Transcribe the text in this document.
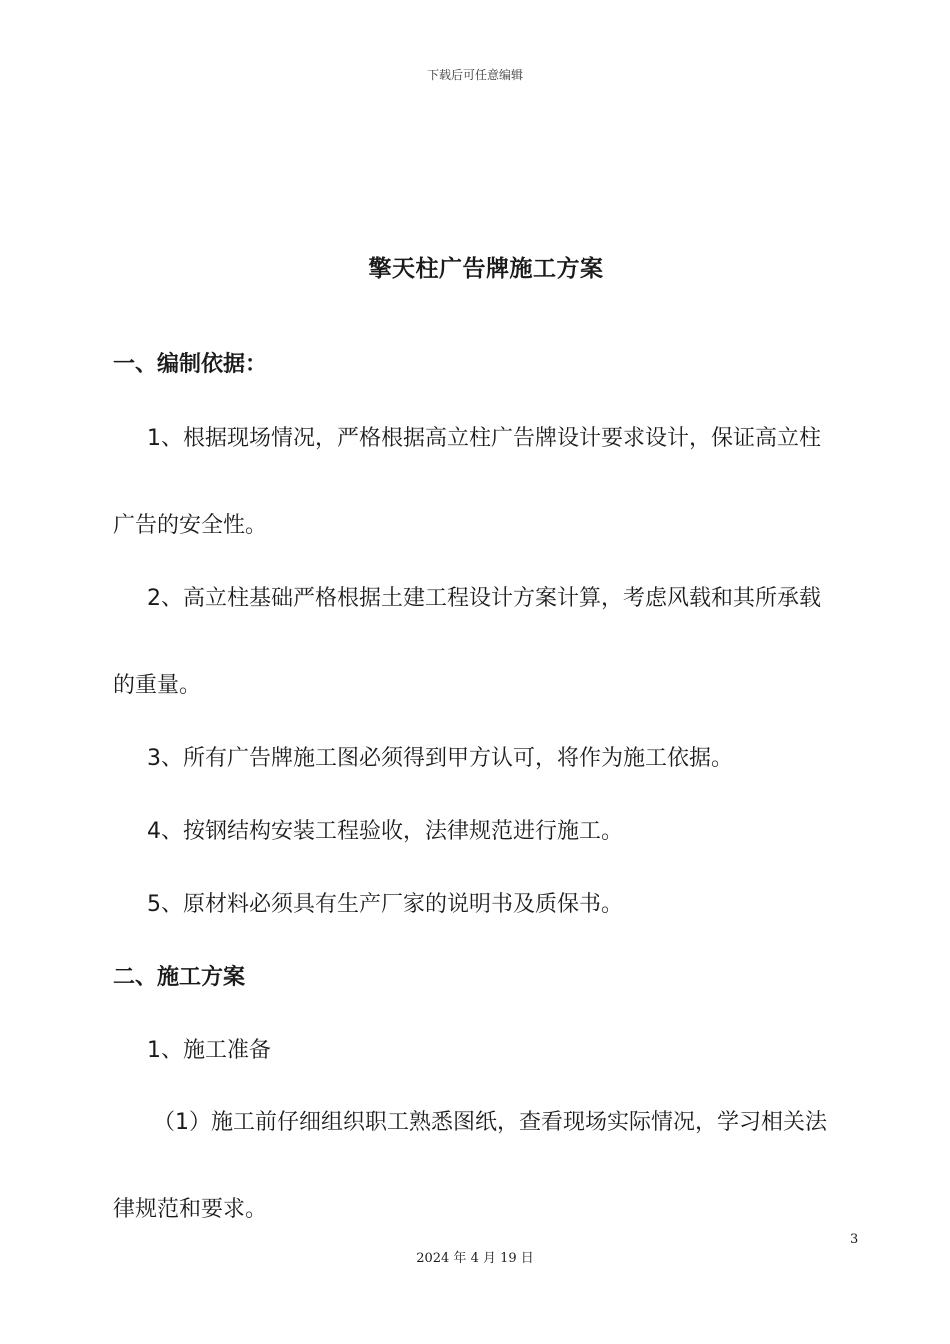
下载后可任意编辑
擎天柱广告牌施工方案
一、编制依据：
1、根据现场情况，严格根据高立柱广告牌设计要求设计，保证高立柱
广告的安全性。
2、高立柱基础严格根据土建工程设计方案计算，考虑风载和其所承载
的重量。
3、所有广告牌施工图必须得到甲方认可，将作为施工依据。
4、按钢结构安装工程验收，法律规范进行施工。
5、原材料必须具有生产厂家的说明书及质保书。
二、施工方案
1、施工准备
（1）施工前仔细组织职工熟悉图纸，查看现场实际情况，学习相关法
律规范和要求。
3
2024 年 4 月 19 日
